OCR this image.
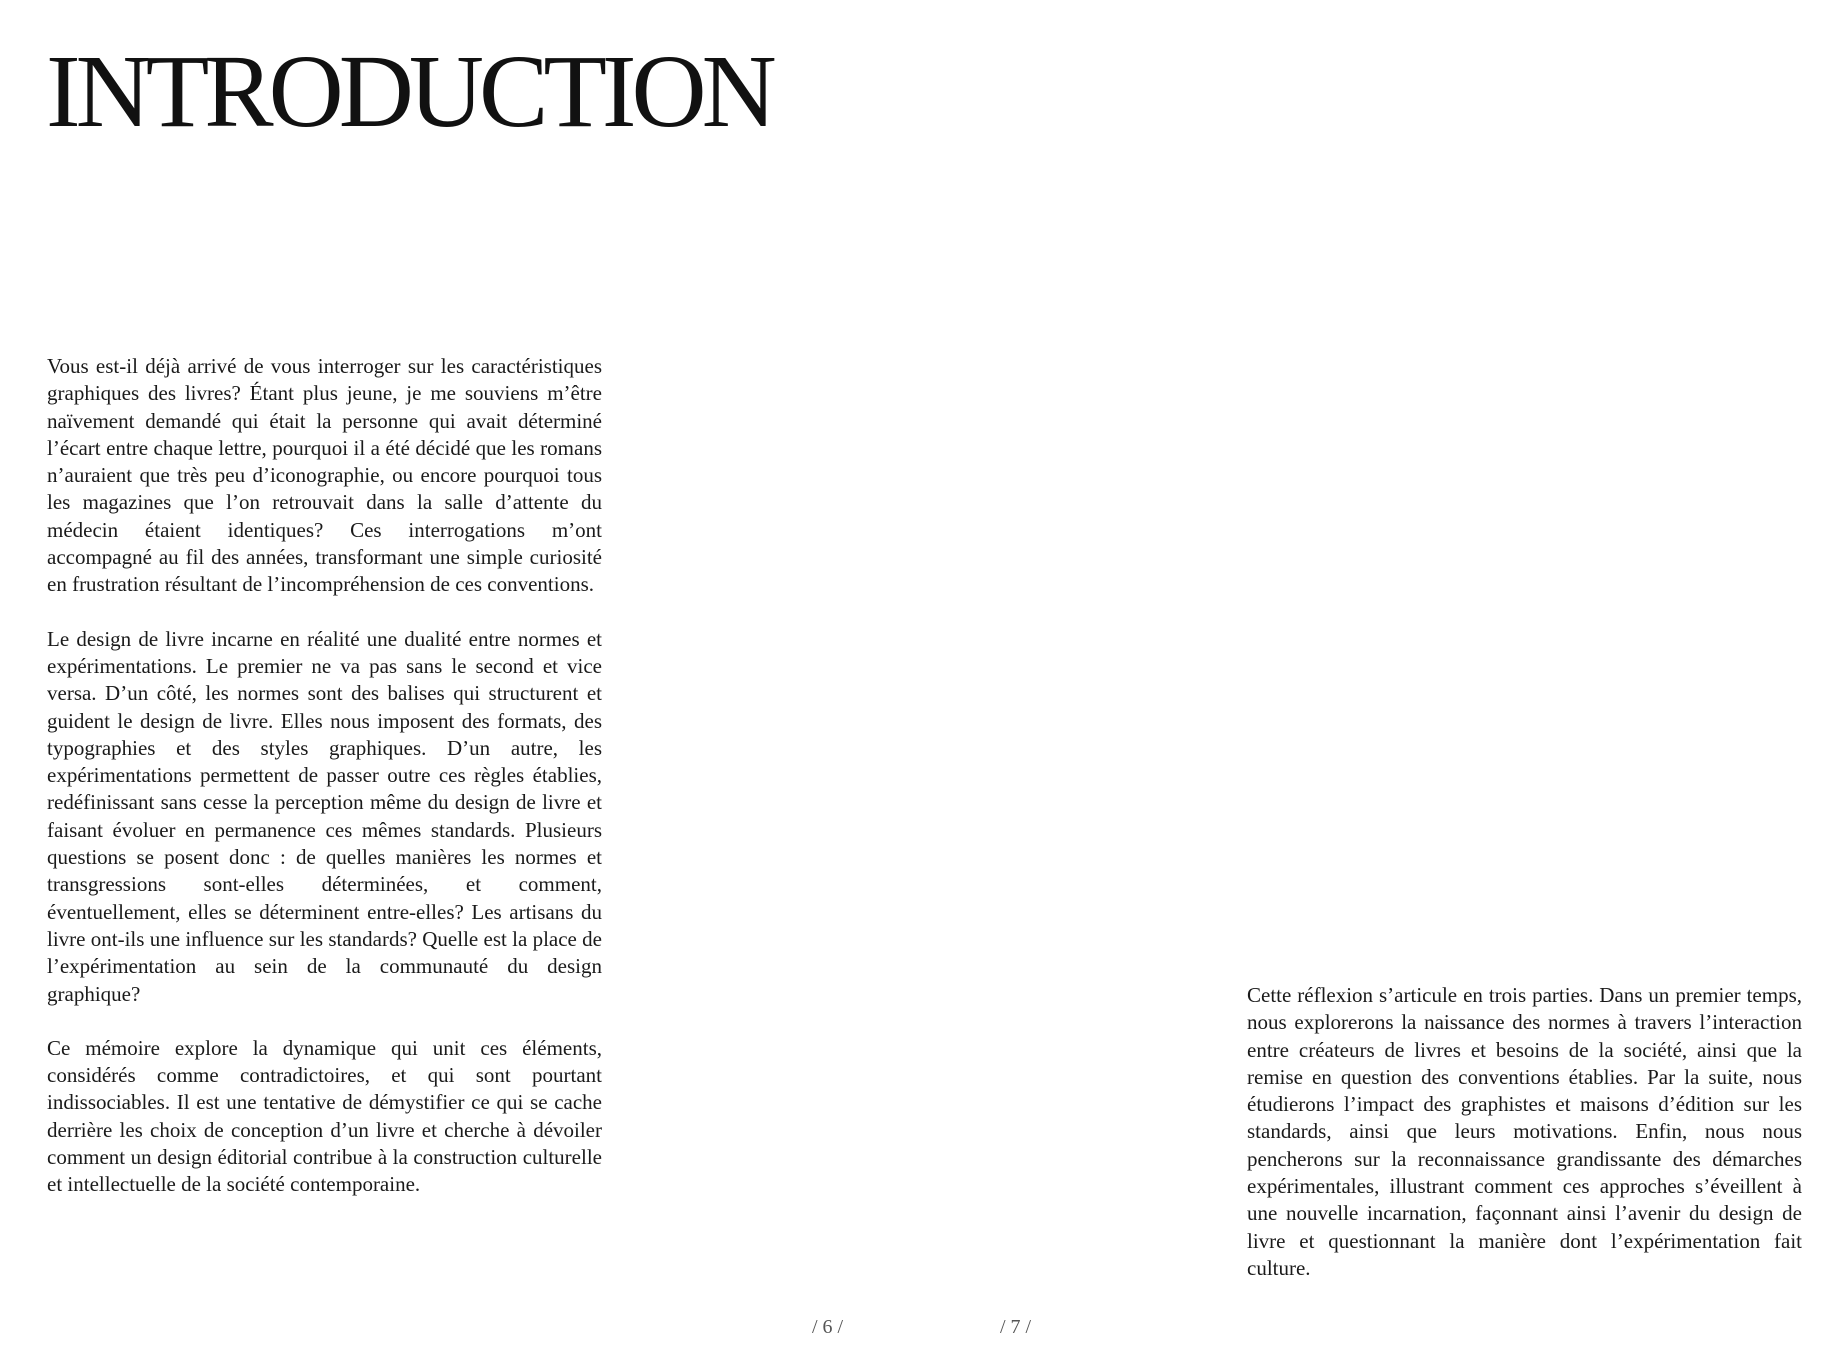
INTRODUCTION

Vous est-il déjà arrivé de vous interroger sur les caractéristiques graphiques des livres? Étant plus jeune, je me souviens m’être naïvement demandé qui était la personne qui avait déterminé l’écart entre chaque lettre, pourquoi il a été décidé que les romans n’auraient que très peu d’iconographie, ou encore pourquoi tous les magazines que l’on retrouvait dans la salle d’attente du médecin étaient identiques? Ces interrogations m’ont accompagné au fil des années, transformant une simple curiosité en frustration résultant de l’incompréhension de ces conventions.

Le design de livre incarne en réalité une dualité entre normes et expérimentations. Le premier ne va pas sans le second et vice versa. D’un côté, les normes sont des balises qui structurent et guident le design de livre. Elles nous imposent des formats, des typographies et des styles graphiques. D’un autre, les expérimentations permettent de passer outre ces règles établies, redéfinissant sans cesse la perception même du design de livre et faisant évoluer en permanence ces mêmes standards. Plusieurs questions se posent donc : de quelles manières les normes et transgressions sont-elles déterminées, et comment, éventuellement, elles se déterminent entre-elles? Les artisans du livre ont-ils une influence sur les standards? Quelle est la place de l’expérimentation au sein de la communauté du design graphique?

Ce mémoire explore la dynamique qui unit ces éléments, considérés comme contradictoires, et qui sont pourtant indissociables. Il est une tentative de démystifier ce qui se cache derrière les choix de conception d’un livre et cherche à dévoiler comment un design éditorial contribue à la construction culturelle et intellectuelle de la société contemporaine.

Cette réflexion s’articule en trois parties. Dans un premier temps, nous explorerons la naissance des normes à travers l’interaction entre créateurs de livres et besoins de la société, ainsi que la remise en question des conventions établies. Par la suite, nous étudierons l’impact des graphistes et maisons d’édition sur les standards, ainsi que leurs motivations. Enfin, nous nous pencherons sur la reconnaissance grandissante des démarches expérimentales, illustrant comment ces approches s’éveillent à une nouvelle incarnation, façonnant ainsi l’avenir du design de livre et questionnant la manière dont l’expérimentation fait culture.

/ 6 /	/ 7 /
